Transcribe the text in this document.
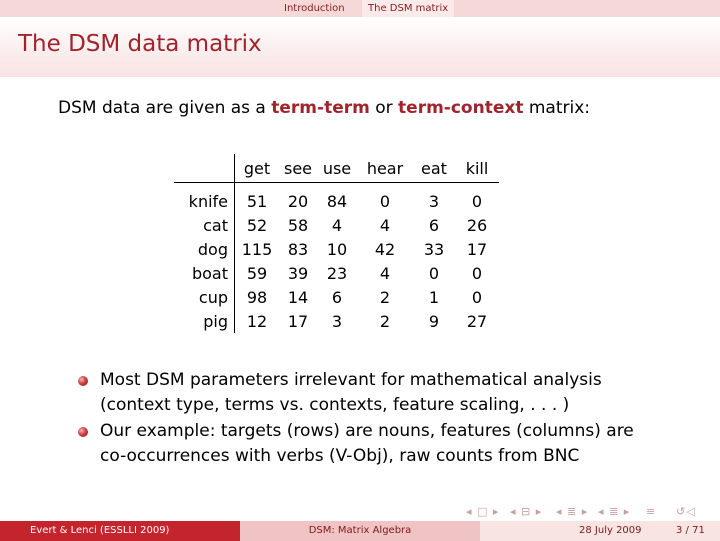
Introduction	The DSM matrix
The DSM data matrix
DSM data are given as a term-term or term-context matrix:
	get	see	use	hear	eat	kill
knife	51	20	84	0	3	0
cat	52	58	4	4	6	26
dog	115	83	10	42	33	17
boat	59	39	23	4	0	0
cup	98	14	6	2	1	0
pig	12	17	3	2	9	27
Most DSM parameters irrelevant for mathematical analysis
(context type, terms vs. contexts, feature scaling, . . . )
Our example: targets (rows) are nouns, features (columns) are
co-occurrences with verbs (V-Obj), raw counts from BNC
◂ □ ▸ ◂ ⊟ ▸ ◂ ≣ ▸ ◂ ≣ ▸ ≡ ↺◁
Evert & Lenci (ESSLLI 2009)	DSM: Matrix Algebra	28 July 2009	3 / 71
